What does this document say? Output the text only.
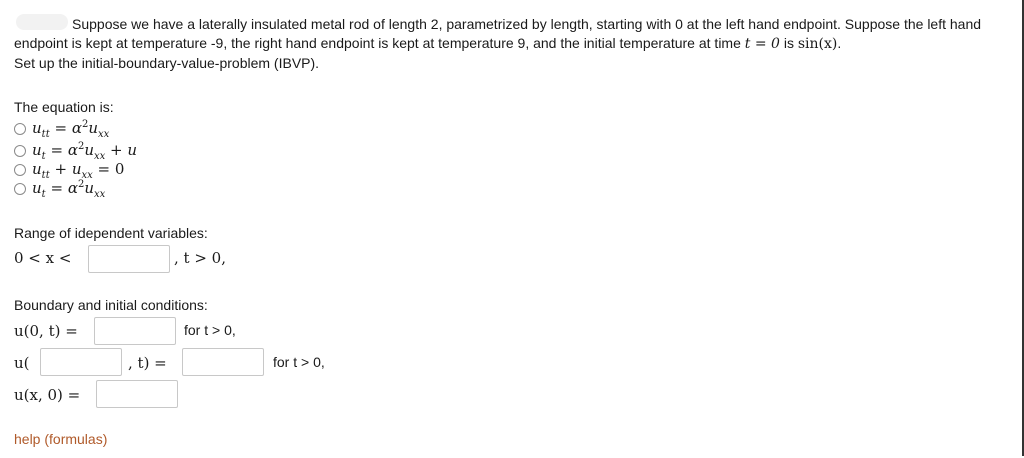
Suppose we have a laterally insulated metal rod of length 2, parametrized by length, starting with 0 at the left hand endpoint. Suppose the left hand
endpoint is kept at temperature -9, the right hand endpoint is kept at temperature 9, and the initial temperature at time t = 0 is sin(x).
Set up the initial-boundary-value-problem (IBVP).
The equation is:
$u_{tt} = \alpha^2u_{xx}$
$u_t = \alpha^2u_{xx} + u$
$u_{tt} + u_{xx} = 0$
$u_t = \alpha^2u_{xx}$
Range of idependent variables:
0 < x <	, t > 0,
Boundary and initial conditions:
u(0, t) =	for t > 0,
u(	, t) =	for t > 0,
u(x, 0) =
help (formulas)
